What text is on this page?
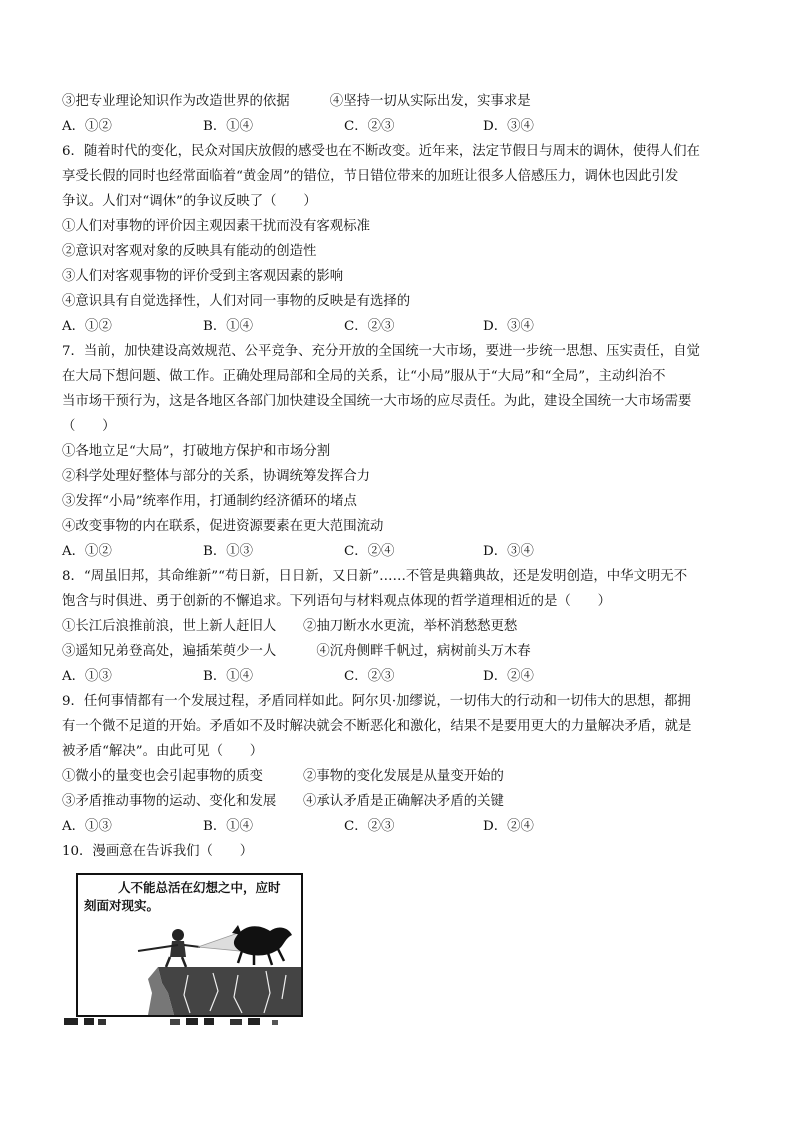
③把专业理论知识作为改造世界的依据　　　④坚持一切从实际出发，实事求是
A．①②	B．①④	C．②③	D．③④
6．随着时代的变化，民众对国庆放假的感受也在不断改变。近年来，法定节假日与周末的调休，使得人们在
享受长假的同时也经常面临着“黄金周”的错位，节日错位带来的加班让很多人倍感压力，调休也因此引发
争议。人们对“调休”的争议反映了（　　）
①人们对事物的评价因主观因素干扰而没有客观标准
②意识对客观对象的反映具有能动的创造性
③人们对客观事物的评价受到主客观因素的影响
④意识具有自觉选择性，人们对同一事物的反映是有选择的
A．①②	B．①④	C．②③	D．③④
7．当前，加快建设高效规范、公平竞争、充分开放的全国统一大市场，要进一步统一思想、压实责任，自觉
在大局下想问题、做工作。正确处理局部和全局的关系，让“小局”服从于“大局”和“全局”，主动纠治不
当市场干预行为，这是各地区各部门加快建设全国统一大市场的应尽责任。为此，建设全国统一大市场需要
（　　）
①各地立足“大局”，打破地方保护和市场分割
②科学处理好整体与部分的关系，协调统筹发挥合力
③发挥“小局”统率作用，打通制约经济循环的堵点
④改变事物的内在联系，促进资源要素在更大范围流动
A．①②	B．①③	C．②④	D．③④
8．“周虽旧邦，其命维新”“苟日新，日日新，又日新”……不管是典籍典故，还是发明创造，中华文明无不
饱含与时俱进、勇于创新的不懈追求。下列语句与材料观点体现的哲学道理相近的是（　　）
①长江后浪推前浪，世上新人赶旧人　　②抽刀断水水更流，举杯消愁愁更愁
③遥知兄弟登高处，遍插茱萸少一人　　　④沉舟侧畔千帆过，病树前头万木春
A．①③	B．①④	C．②③	D．②④
9．任何事情都有一个发展过程，矛盾同样如此。阿尔贝·加缪说，一切伟大的行动和一切伟大的思想，都拥
有一个微不足道的开始。矛盾如不及时解决就会不断恶化和激化，结果不是要用更大的力量解决矛盾，就是
被矛盾“解决”。由此可见（　　）
①微小的量变也会引起事物的质变　　　②事物的变化发展是从量变开始的
③矛盾推动事物的运动、变化和发展　　④承认矛盾是正确解决矛盾的关键
A．①③	B．①④	C．②③	D．②④
10．漫画意在告诉我们（　　）
人不能总活在幻想之中，应时
刻面对现实。
